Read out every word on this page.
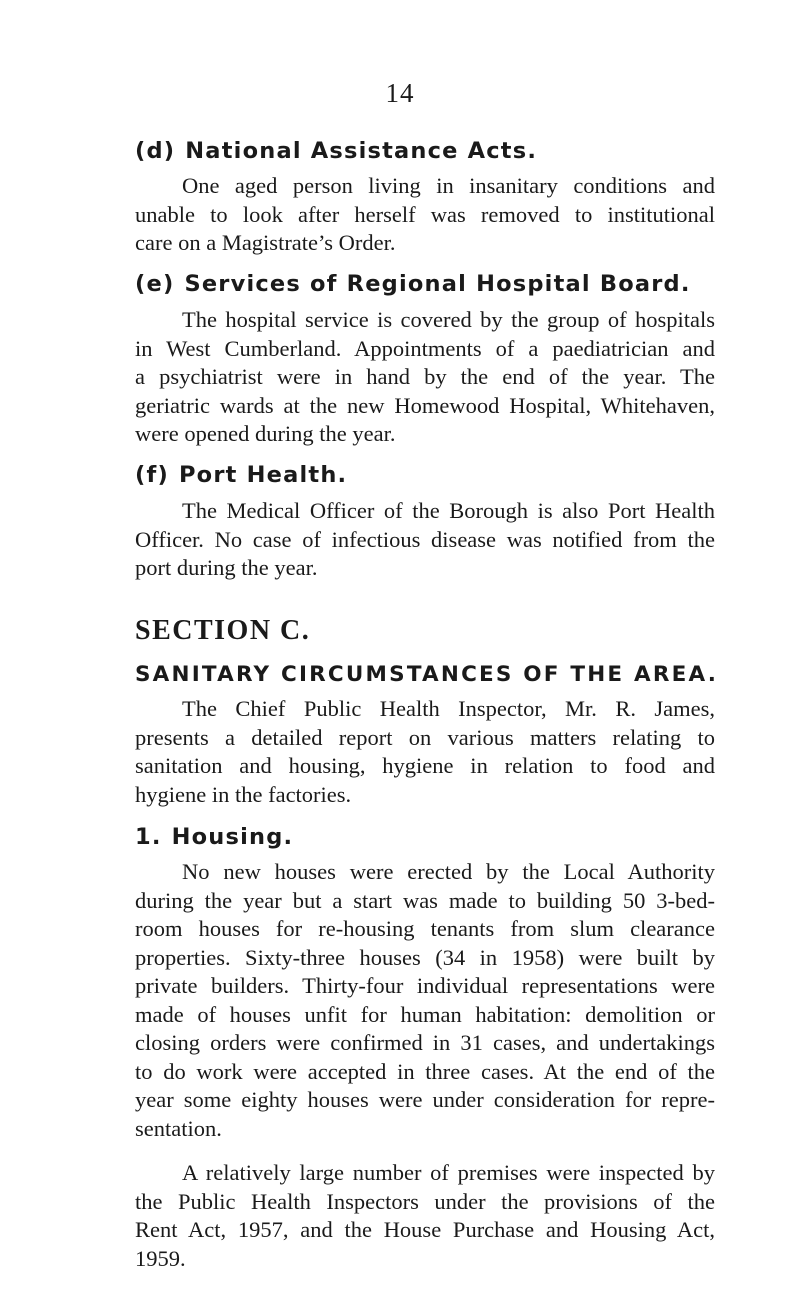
14
(d) National Assistance Acts.
One aged person living in insanitary conditions and
unable to look after herself was removed to institutional
care on a Magistrate’s Order.
(e) Services of Regional Hospital Board.
The hospital service is covered by the group of hospitals
in West Cumberland. Appointments of a paediatrician and
a psychiatrist were in hand by the end of the year. The
geriatric wards at the new Homewood Hospital, Whitehaven,
were opened during the year.
(f) Port Health.
The Medical Officer of the Borough is also Port Health
Officer. No case of infectious disease was notified from the
port during the year.
SECTION C.
SANITARY CIRCUMSTANCES OF THE AREA.
The Chief Public Health Inspector, Mr. R. James,
presents a detailed report on various matters relating to
sanitation and housing, hygiene in relation to food and
hygiene in the factories.
1. Housing.
No new houses were erected by the Local Authority
during the year but a start was made to building 50 3-bed-
room houses for re-housing tenants from slum clearance
properties. Sixty-three houses (34 in 1958) were built by
private builders. Thirty-four individual representations were
made of houses unfit for human habitation: demolition or
closing orders were confirmed in 31 cases, and undertakings
to do work were accepted in three cases. At the end of the
year some eighty houses were under consideration for repre-
sentation.
A relatively large number of premises were inspected by
the Public Health Inspectors under the provisions of the
Rent Act, 1957, and the House Purchase and Housing Act,
1959.
